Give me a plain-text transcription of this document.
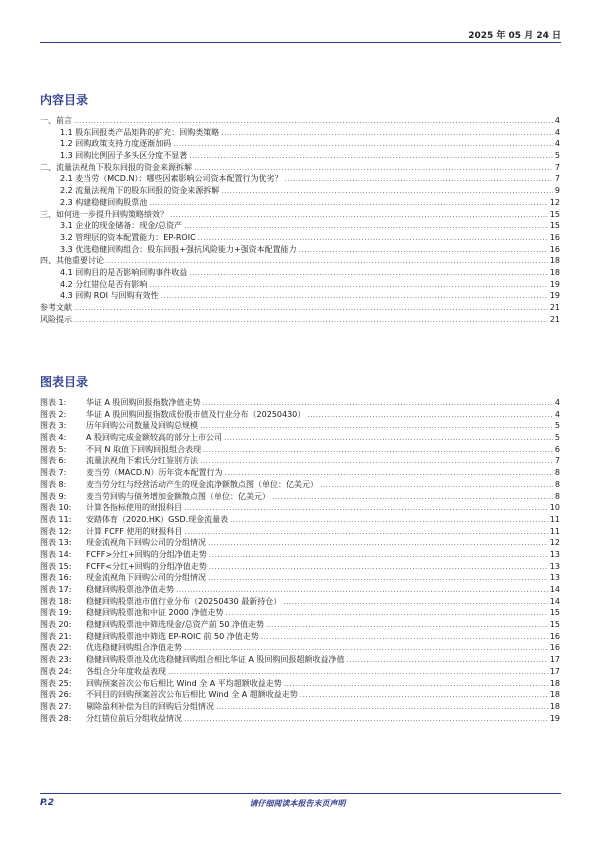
2025 年 05 月 24 日
内容目录
一、前言 .....	4
1.1 股东回报类产品矩阵的扩充：回购类策略 .....	4
1.2 回购政策支持力度逐渐加码 .....	4
1.3 回购比例因子多头区分度不显著 .....	5
二、流量法视角下股东回报的资金来源拆解 .....	7
2.1 麦当劳（MCD.N）：哪些因素影响公司资本配置行为优劣？ .....	7
2.2 流量法视角下的股东回报的资金来源拆解 .....	9
2.3 构建稳健回购股票池 .....	12
三、如何进一步提升回购策略绩效？ .....	15
3.1 企业的现金储备：现金/总资产 .....	15
3.2 管理层的资本配置能力：EP-ROIC .....	16
3.3 优选稳健回购组合：股东回报+强抗风险能力+强资本配置能力 .....	16
四、其他重要讨论 .....	18
4.1 回购目的是否影响回购事件收益 .....	18
4.2 分红错位是否有影响 .....	19
4.3 回购 ROI 与回购有效性 .....	19
参考文献 .....	21
风险提示 .....	21
图表目录
图表 1: 华证 A 股回购回报指数净值走势 .....	4
图表 2: 华证 A 股回购回报指数成份股市值及行业分布（20250430） .....	4
图表 3: 历年回购公司数量及回购总规模 .....	5
图表 4: A 股回购完成金额较高的部分上市公司 .....	5
图表 5: 不同 N 取值下回购回报组合表现 .....	6
图表 6: 流量法视角下索氏分红鉴别方法 .....	7
图表 7: 麦当劳（MACD.N）历年资本配置行为 .....	8
图表 8: 麦当劳分红与经营活动产生的现金流净额散点图（单位：亿美元） .....	8
图表 9: 麦当劳回购与债务增加金额散点图（单位：亿美元） .....	8
图表 10: 计算各指标使用的财报科目 .....	10
图表 11: 安踏体育（2020.HK）GSD.现金流量表 .....	11
图表 12: 计算 FCFF 使用的财报科目 .....	11
图表 13: 现金流视角下回购公司的分组情况 .....	12
图表 14: FCFF>分红+回购的分组净值走势 .....	13
图表 15: FCFF<分红+回购的分组净值走势 .....	13
图表 16: 现金流视角下回购公司的分组情况 .....	13
图表 17: 稳健回购股票池净值走势 .....	14
图表 18: 稳健回购股票池市值行业分布（20250430 最新持仓） .....	14
图表 19: 稳健回购股票池和中证 2000 净值走势 .....	15
图表 20: 稳健回购股票池中筛选现金/总资产前 50 净值走势 .....	15
图表 21: 稳健回购股票池中筛选 EP-ROIC 前 50 净值走势 .....	16
图表 22: 优选稳健回购组合净值走势 .....	16
图表 23: 稳健回购股票池及优选稳健回购组合相比华证 A 股回购回报超额收益净值 .....	17
图表 24: 各组合分年度收益表现 .....	17
图表 25: 回购预案首次公布后相比 Wind 全 A 平均超额收益走势 .....	18
图表 26: 不同目的回购预案首次公布后相比 Wind 全 A 超额收益走势 .....	18
图表 27: 剔除盈利补偿为目的回购后分组情况 .....	18
图表 28: 分红错位前后分组收益情况 .....	19
P.2	请仔细阅读本报告末页声明
